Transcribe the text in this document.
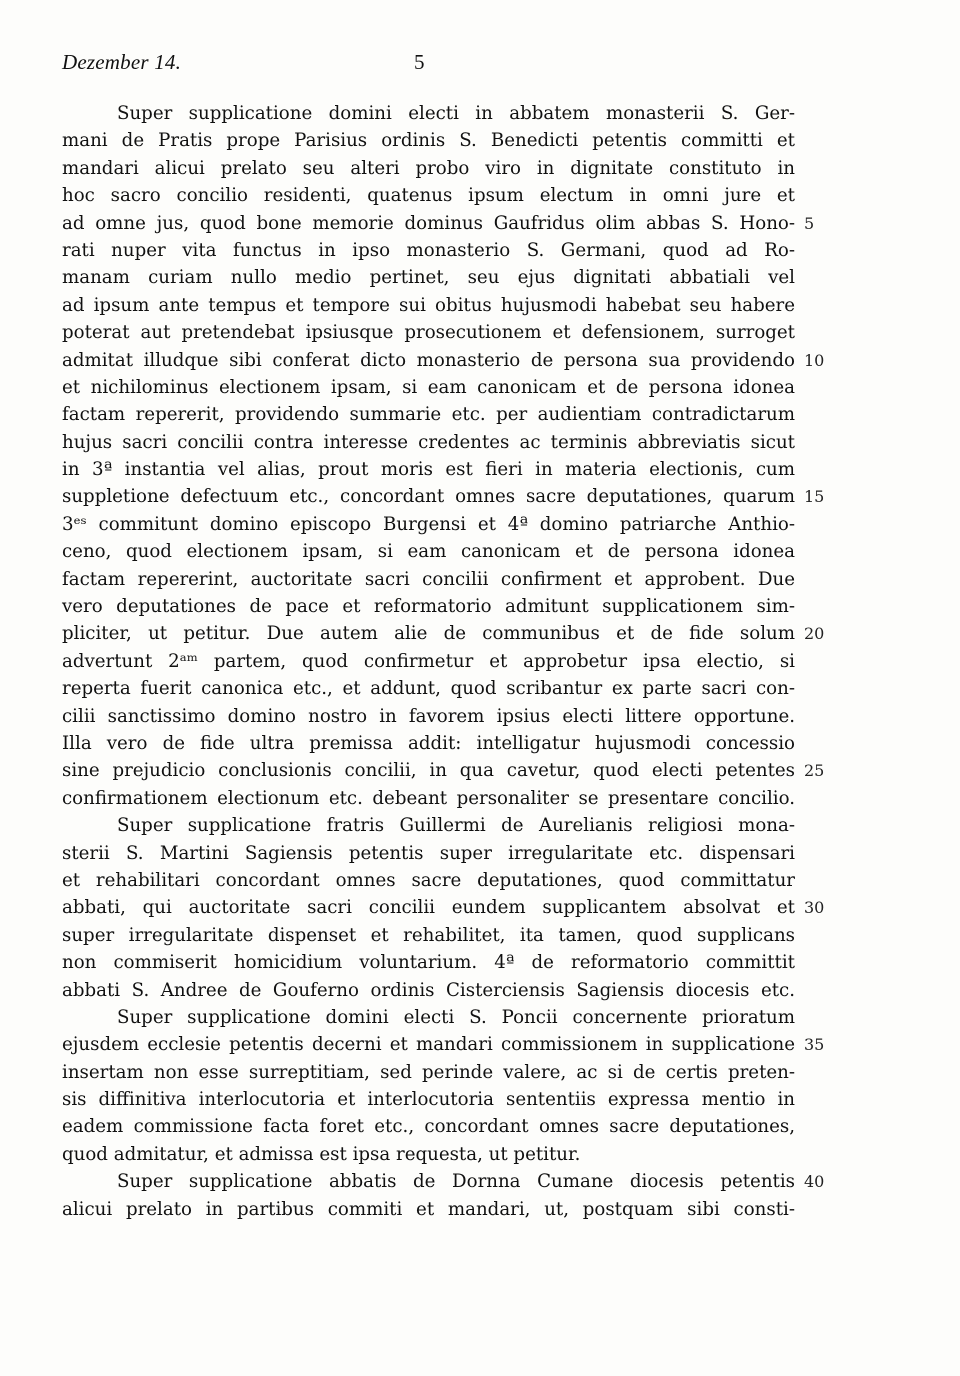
Dezember 14.	5
Super supplicatione domini electi in abbatem monasterii S. Ger-
mani de Pratis prope Parisius ordinis S. Benedicti petentis committi et
mandari alicui prelato seu alteri probo viro in dignitate constituto in
hoc sacro concilio residenti, quatenus ipsum electum in omni jure et
ad omne jus, quod bone memorie dominus Gaufridus olim abbas S. Hono- 5
rati nuper vita functus in ipso monasterio S. Germani, quod ad Ro-
manam curiam nullo medio pertinet, seu ejus dignitati abbatiali vel
ad ipsum ante tempus et tempore sui obitus hujusmodi habebat seu habere
poterat aut pretendebat ipsiusque prosecutionem et defensionem, surroget
admitat illudque sibi conferat dicto monasterio de persona sua providendo 10
et nichilominus electionem ipsam, si eam canonicam et de persona idonea
factam repererit, providendo summarie etc. per audientiam contradictarum
hujus sacri concilii contra interesse credentes ac terminis abbreviatis sicut
in 3ª instantia vel alias, prout moris est fieri in materia electionis, cum
suppletione defectuum etc., concordant omnes sacre deputationes, quarum 15
3ᵉˢ commitunt domino episcopo Burgensi et 4ª domino patriarche Anthio-
ceno, quod electionem ipsam, si eam canonicam et de persona idonea
factam repererint, auctoritate sacri concilii confirment et approbent. Due
vero deputationes de pace et reformatorio admitunt supplicationem sim-
pliciter, ut petitur. Due autem alie de communibus et de fide solum 20
advertunt 2ᵃᵐ partem, quod confirmetur et approbetur ipsa electio, si
reperta fuerit canonica etc., et addunt, quod scribantur ex parte sacri con-
cilii sanctissimo domino nostro in favorem ipsius electi littere opportune.
Illa vero de fide ultra premissa addit: intelligatur hujusmodi concessio
sine prejudicio conclusionis concilii, in qua cavetur, quod electi petentes 25
confirmationem electionum etc. debeant personaliter se presentare concilio.
Super supplicatione fratris Guillermi de Aurelianis religiosi mona-
sterii S. Martini Sagiensis petentis super irregularitate etc. dispensari
et rehabilitari concordant omnes sacre deputationes, quod committatur
abbati, qui auctoritate sacri concilii eundem supplicantem absolvat et 30
super irregularitate dispenset et rehabilitet, ita tamen, quod supplicans
non commiserit homicidium voluntarium. 4ª de reformatorio committit
abbati S. Andree de Gouferno ordinis Cisterciensis Sagiensis diocesis etc.
Super supplicatione domini electi S. Poncii concernente prioratum
ejusdem ecclesie petentis decerni et mandari commissionem in supplicatione 35
insertam non esse surreptitiam, sed perinde valere, ac si de certis preten-
sis diffinitiva interlocutoria et interlocutoria sententiis expressa mentio in
eadem commissione facta foret etc., concordant omnes sacre deputationes,
quod admitatur, et admissa est ipsa requesta, ut petitur.
Super supplicatione abbatis de Dornna Cumane diocesis petentis 40
alicui prelato in partibus commiti et mandari, ut, postquam sibi consti-
